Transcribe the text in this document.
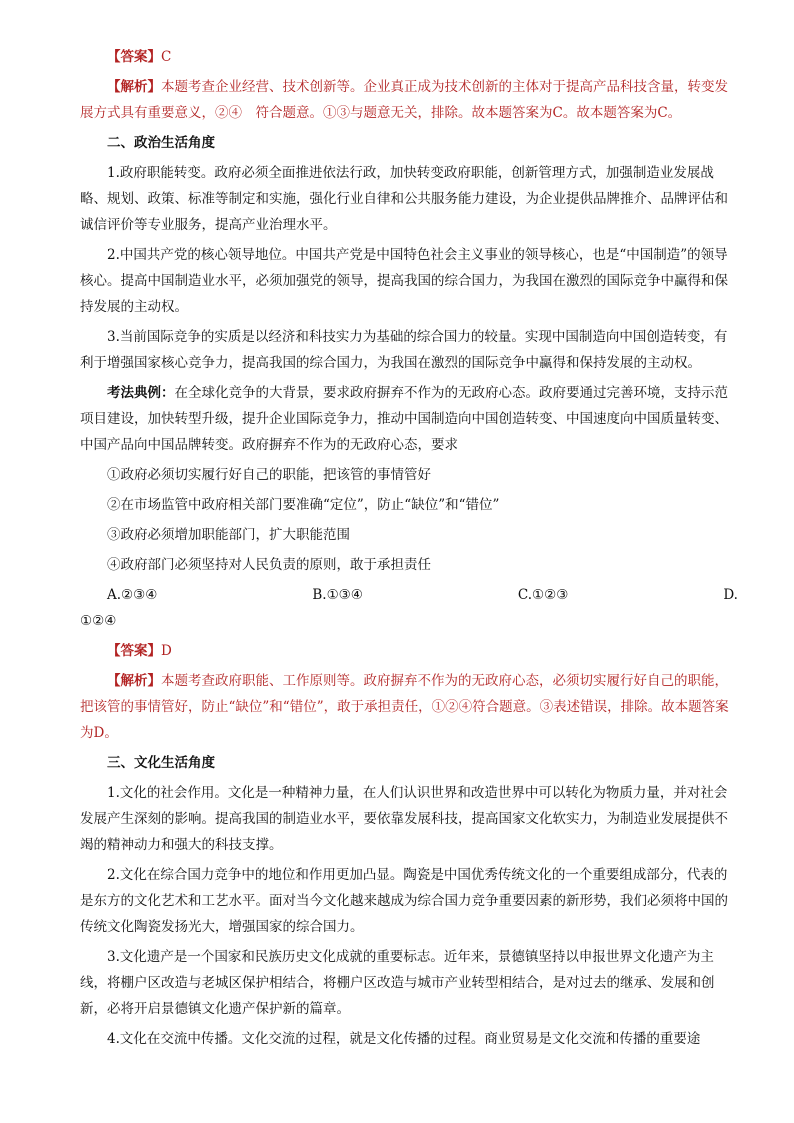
【答案】C

【解析】本题考查企业经营、技术创新等。企业真正成为技术创新的主体对于提高产品科技含量，转变发展方式具有重要意义，②④　符合题意。①③与题意无关，排除。故本题答案为C。故本题答案为C。

二、政治生活角度

1.政府职能转变。政府必须全面推进依法行政，加快转变政府职能，创新管理方式，加强制造业发展战略、规划、政策、标准等制定和实施，强化行业自律和公共服务能力建设，为企业提供品牌推介、品牌评估和诚信评价等专业服务，提高产业治理水平。

2.中国共产党的核心领导地位。中国共产党是中国特色社会主义事业的领导核心，也是“中国制造”的领导核心。提高中国制造业水平，必须加强党的领导，提高我国的综合国力，为我国在激烈的国际竞争中赢得和保持发展的主动权。

3.当前国际竞争的实质是以经济和科技实力为基础的综合国力的较量。实现中国制造向中国创造转变，有利于增强国家核心竞争力，提高我国的综合国力，为我国在激烈的国际竞争中赢得和保持发展的主动权。

考法典例：在全球化竞争的大背景，要求政府摒弃不作为的无政府心态。政府要通过完善环境，支持示范项目建设，加快转型升级，提升企业国际竞争力，推动中国制造向中国创造转变、中国速度向中国质量转变、中国产品向中国品牌转变。政府摒弃不作为的无政府心态，要求

①政府必须切实履行好自己的职能，把该管的事情管好

②在市场监管中政府相关部门要准确“定位”，防止“缺位”和“错位”

③政府必须增加职能部门，扩大职能范围

④政府部门必须坚持对人民负责的原则，敢于承担责任

A.②③④	B.①③④	C.①②③	D.

①②④

【答案】D

【解析】本题考查政府职能、工作原则等。政府摒弃不作为的无政府心态，必须切实履行好自己的职能，把该管的事情管好，防止“缺位”和“错位”，敢于承担责任，①②④符合题意。③表述错误，排除。故本题答案为D。

三、文化生活角度

1.文化的社会作用。文化是一种精神力量，在人们认识世界和改造世界中可以转化为物质力量，并对社会发展产生深刻的影响。提高我国的制造业水平，要依靠发展科技，提高国家文化软实力，为制造业发展提供不竭的精神动力和强大的科技支撑。

2.文化在综合国力竞争中的地位和作用更加凸显。陶瓷是中国优秀传统文化的一个重要组成部分，代表的是东方的文化艺术和工艺水平。面对当今文化越来越成为综合国力竞争重要因素的新形势，我们必须将中国的传统文化陶瓷发扬光大，增强国家的综合国力。

3.文化遗产是一个国家和民族历史文化成就的重要标志。近年来，景德镇坚持以申报世界文化遗产为主线，将棚户区改造与老城区保护相结合，将棚户区改造与城市产业转型相结合，是对过去的继承、发展和创新，必将开启景德镇文化遗产保护新的篇章。

4.文化在交流中传播。文化交流的过程，就是文化传播的过程。商业贸易是文化交流和传播的重要途
